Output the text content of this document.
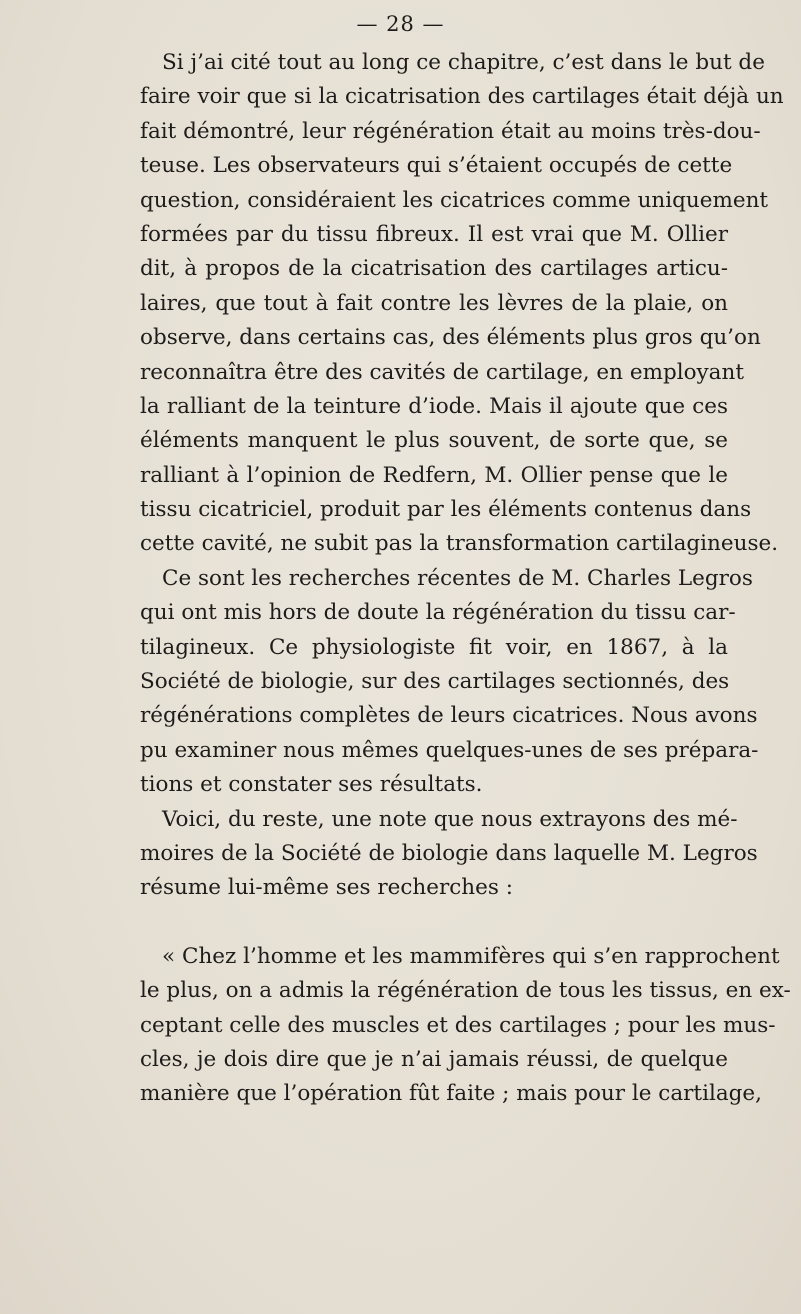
— 28 —
Si j’ai cité tout au long ce chapitre, c’est dans le but de
faire voir que si la cicatrisation des cartilages était déjà un
fait démontré, leur régénération était au moins très-dou-
teuse. Les observateurs qui s’étaient occupés de cette
question, considéraient les cicatrices comme uniquement
formées par du tissu fibreux. Il est vrai que M. Ollier
dit, à propos de la cicatrisation des cartilages articu-
laires, que tout à fait contre les lèvres de la plaie, on
observe, dans certains cas, des éléments plus gros qu’on
reconnaîtra être des cavités de cartilage, en employant
la ralliant de la teinture d’iode. Mais il ajoute que ces
éléments manquent le plus souvent, de sorte que, se
ralliant à l’opinion de Redfern, M. Ollier pense que le
tissu cicatriciel, produit par les éléments contenus dans
cette cavité, ne subit pas la transformation cartilagineuse.
Ce sont les recherches récentes de M. Charles Legros
qui ont mis hors de doute la régénération du tissu car-
tilagineux. Ce physiologiste fit voir, en 1867, à la
Société de biologie, sur des cartilages sectionnés, des
régénérations complètes de leurs cicatrices. Nous avons
pu examiner nous mêmes quelques-unes de ses prépara-
tions et constater ses résultats.
Voici, du reste, une note que nous extrayons des mé-
moires de la Société de biologie dans laquelle M. Legros
résume lui-même ses recherches :
« Chez l’homme et les mammifères qui s’en rapprochent
le plus, on a admis la régénération de tous les tissus, en ex-
ceptant celle des muscles et des cartilages ; pour les mus-
cles, je dois dire que je n’ai jamais réussi, de quelque
manière que l’opération fût faite ; mais pour le cartilage,
